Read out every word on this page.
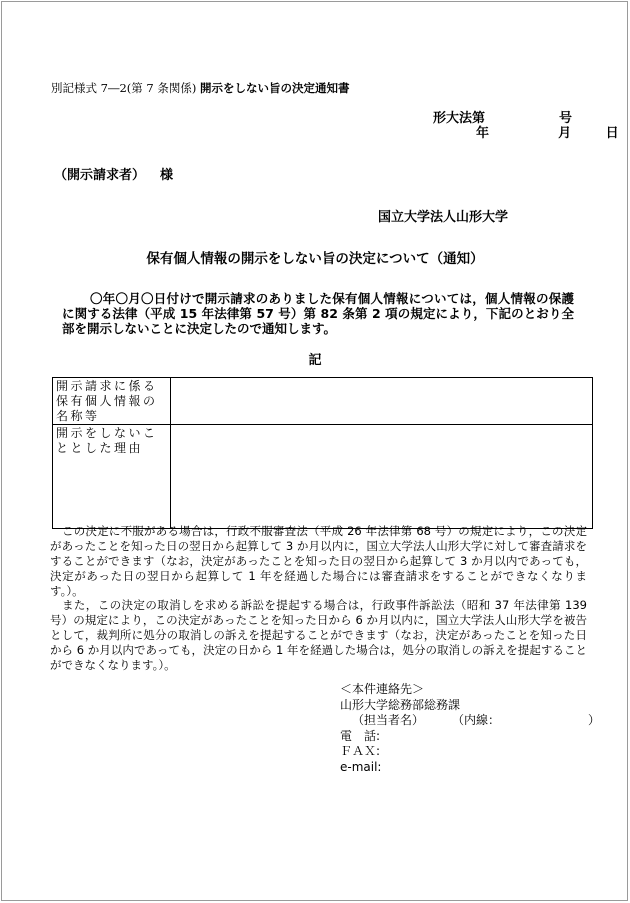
別記様式 7―2(第 7 条関係) 開示をしない旨の決定通知書
形大法第	号
年	月	日
（開示請求者） 様
国立大学法人山形大学
保有個人情報の開示をしない旨の決定について（通知）
〇年〇月〇日付けで開示請求のありました保有個人情報については，個人情報の保護に関する法律（平成 15 年法律第 57 号）第 82 条第 2 項の規定により，下記のとおり全部を開示しないことに決定したので通知します。
記
開示請求に係る保有個人情報の名称等	
開示をしないこととした理由	
この決定に不服がある場合は，行政不服審査法（平成 26 年法律第 68 号）の規定により，この決定があったことを知った日の翌日から起算して 3 か月以内に，国立大学法人山形大学に対して審査請求をすることができます（なお，決定があったことを知った日の翌日から起算して 3 か月以内であっても，決定があった日の翌日から起算して 1 年を経過した場合には審査請求をすることができなくなります。）。
また，この決定の取消しを求める訴訟を提起する場合は，行政事件訴訟法（昭和 37 年法律第 139 号）の規定により，この決定があったことを知った日から 6 か月以内に，国立大学法人山形大学を被告として，裁判所に処分の取消しの訴えを提起することができます（なお，決定があったことを知った日から 6 か月以内であっても，決定の日から 1 年を経過した場合は，処分の取消しの訴えを提起することができなくなります。）。
＜本件連絡先＞
山形大学総務部総務課
（担当者名） （内線：	）
電　話:
ＦＡＸ:
e-mail:
